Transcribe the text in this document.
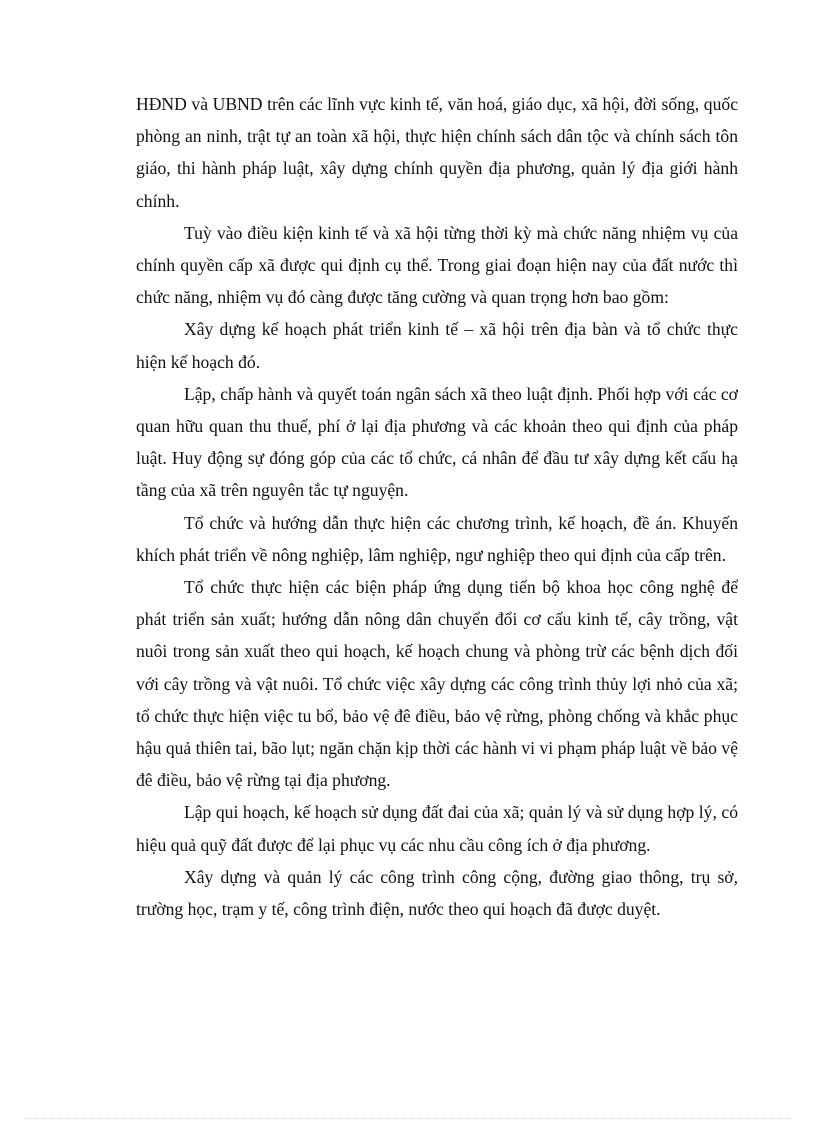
HĐND và UBND trên các lĩnh vực kinh tế, văn hoá, giáo dục, xã hội, đời sống, quốc phòng an ninh, trật tự an toàn xã hội, thực hiện chính sách dân tộc và chính sách tôn giáo, thi hành pháp luật, xây dựng chính quyền địa phương, quản lý địa giới hành chính.

Tuỳ vào điều kiện kinh tế và xã hội từng thời kỳ mà chức năng nhiệm vụ của chính quyền cấp xã được qui định cụ thể. Trong giai đoạn hiện nay của đất nước thì chức năng, nhiệm vụ đó càng được tăng cường và quan trọng hơn bao gồm:

Xây dựng kế hoạch phát triển kinh tế – xã hội trên địa bàn và tổ chức thực hiện kế hoạch đó.

Lập, chấp hành và quyết toán ngân sách xã theo luật định. Phối hợp với các cơ quan hữu quan thu thuế, phí ở lại địa phương và các khoản theo qui định của pháp luật. Huy động sự đóng góp của các tổ chức, cá nhân để đầu tư xây dựng kết cấu hạ tầng của xã trên nguyên tắc tự nguyện.

Tổ chức và hướng dẫn thực hiện các chương trình, kế hoạch, đề án. Khuyến khích phát triển về nông nghiệp, lâm nghiệp, ngư nghiệp theo qui định của cấp trên.

Tổ chức thực hiện các biện pháp ứng dụng tiến bộ khoa học công nghệ để phát triển sản xuất; hướng dẫn nông dân chuyển đổi cơ cấu kinh tế, cây trồng, vật nuôi trong sản xuất theo qui hoạch, kế hoạch chung và phòng trừ các bệnh dịch đối với cây trồng và vật nuôi. Tổ chức việc xây dựng các công trình thủy lợi nhỏ của xã; tổ chức thực hiện việc tu bổ, bảo vệ đê điều, bảo vệ rừng, phòng chống và khắc phục hậu quả thiên tai, bão lụt; ngăn chặn kịp thời các hành vi vi phạm pháp luật về bảo vệ đê điều, bảo vệ rừng tại địa phương.

Lập qui hoạch, kế hoạch sử dụng đất đai của xã; quản lý và sử dụng hợp lý, có hiệu quả quỹ đất được để lại phục vụ các nhu cầu công ích ở địa phương.

Xây dựng và quản lý các công trình công cộng, đường giao thông, trụ sở, trường học, trạm y tế, công trình điện, nước theo qui hoạch đã được duyệt.
